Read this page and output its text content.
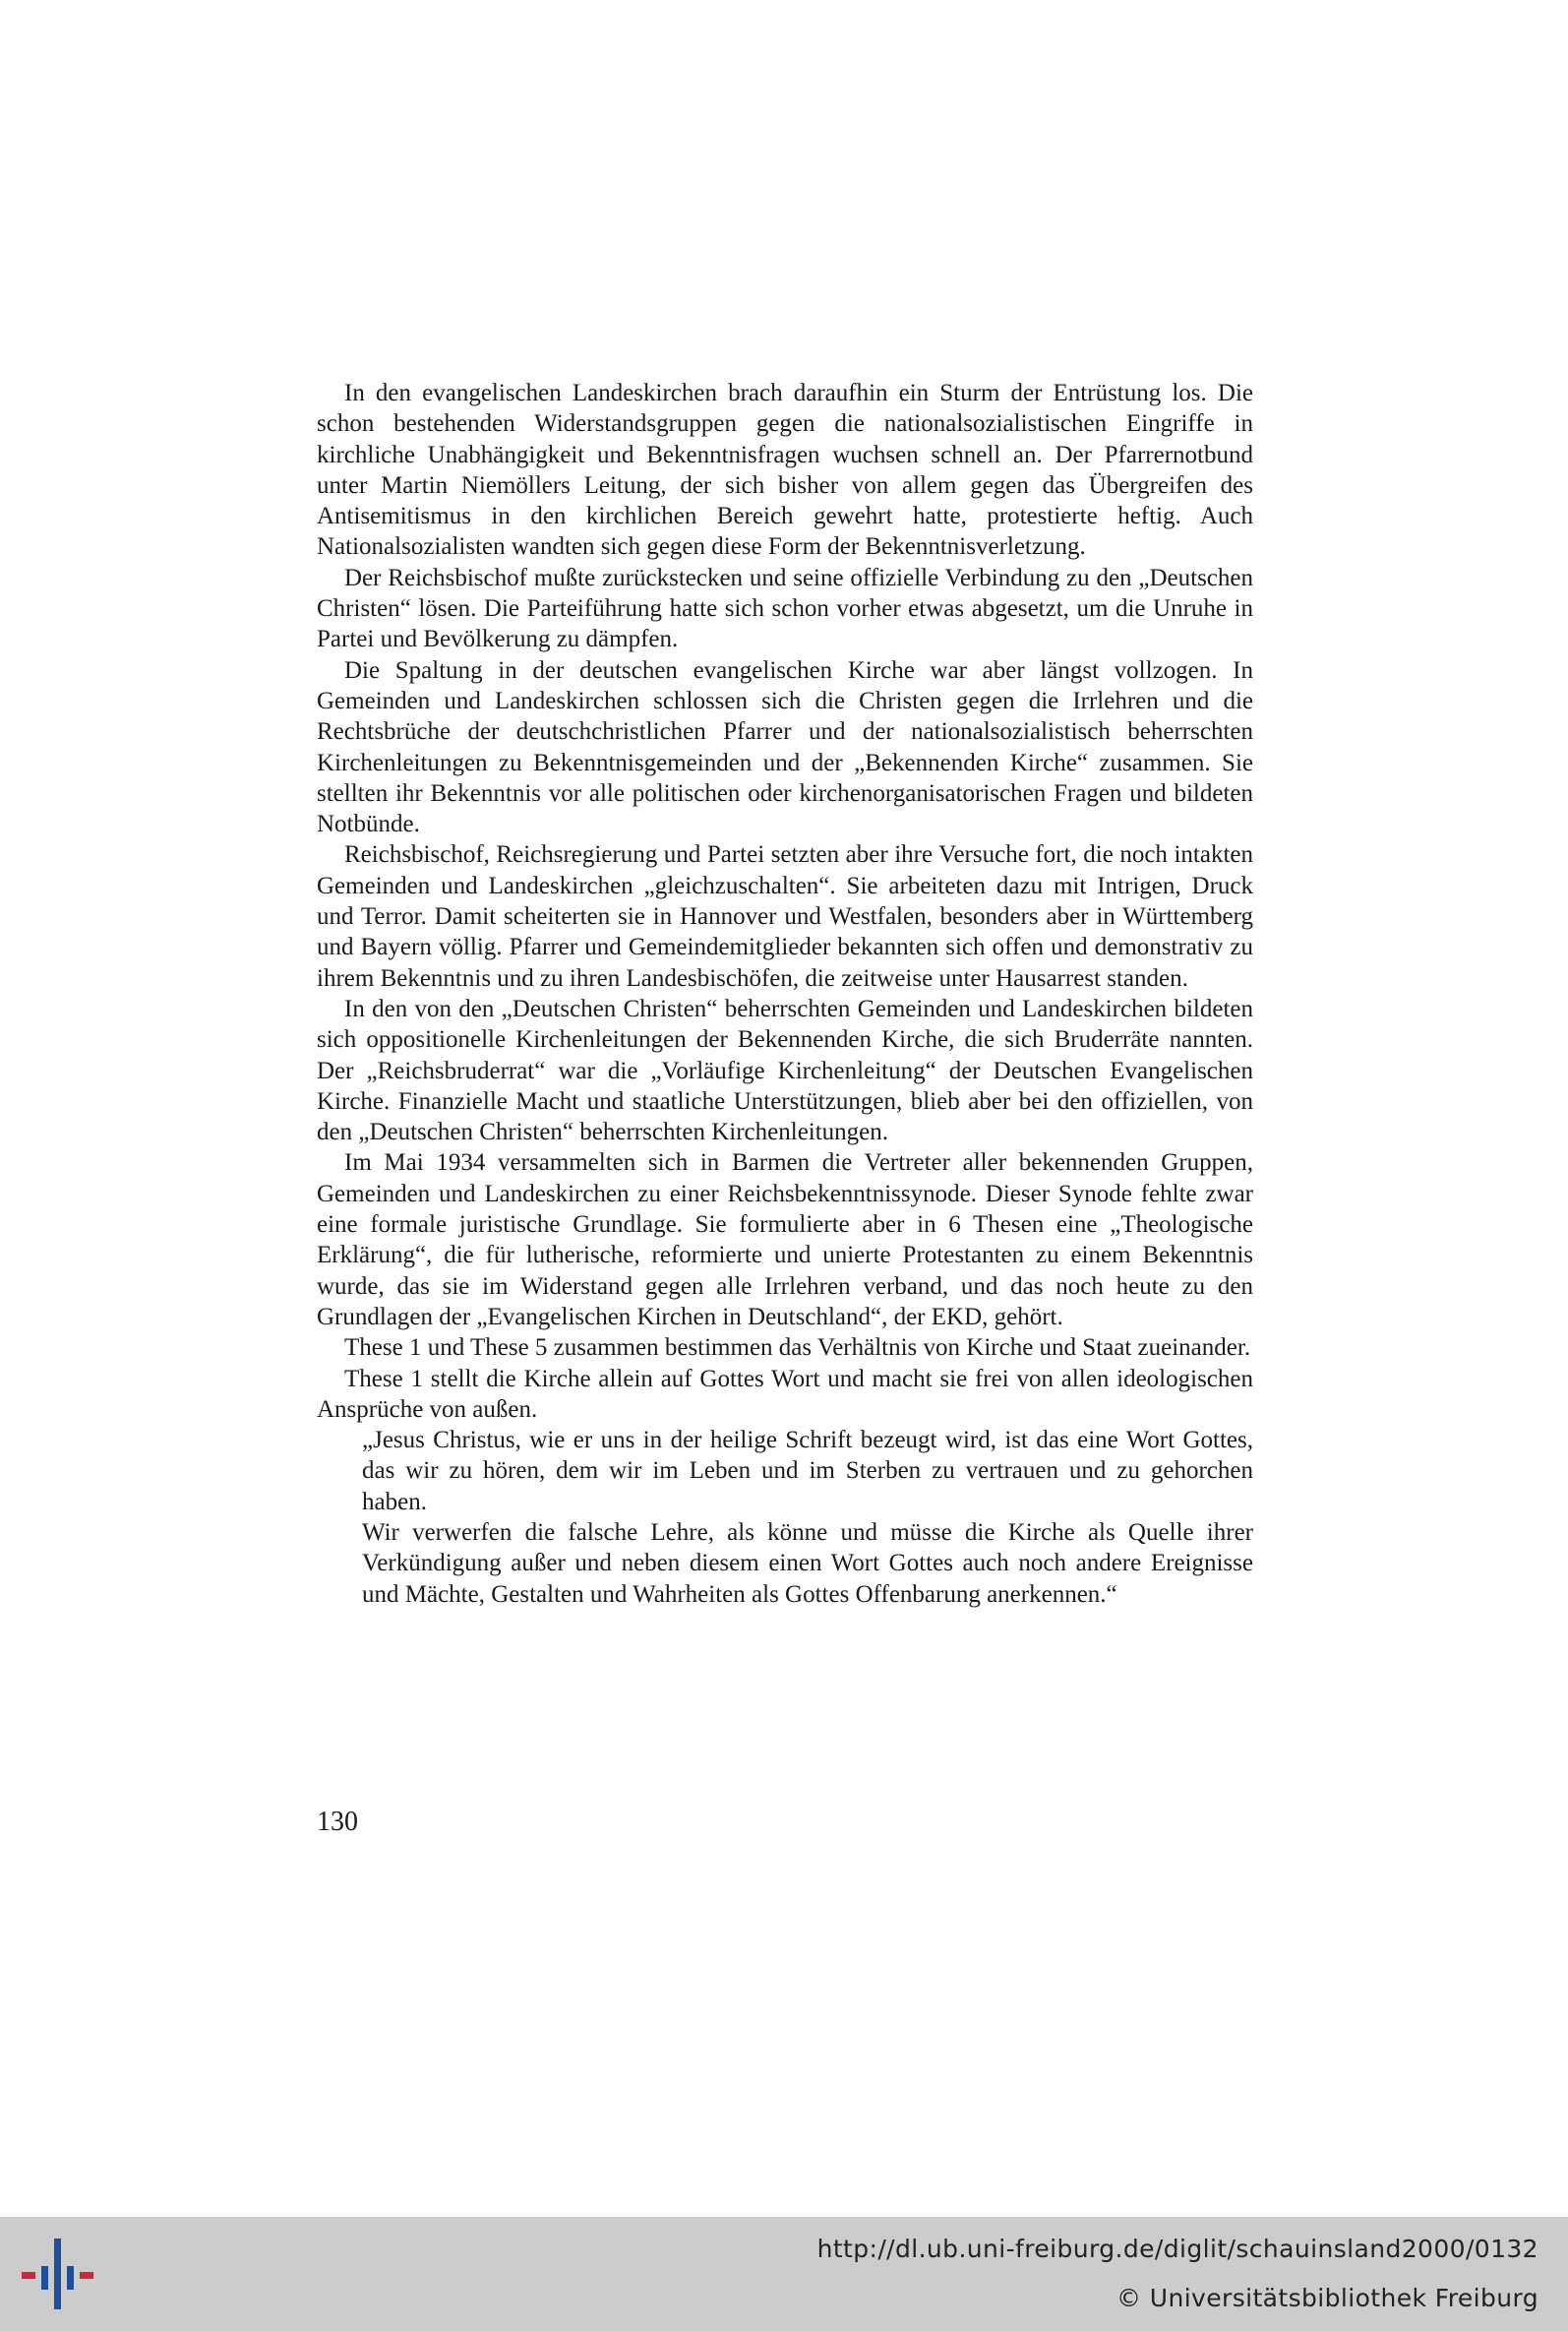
In den evangelischen Landeskirchen brach daraufhin ein Sturm der Entrüstung los. Die schon bestehenden Widerstandsgruppen gegen die nationalsozialistischen Eingriffe in kirchliche Unabhängigkeit und Bekenntnisfragen wuchsen schnell an. Der Pfarrernotbund unter Martin Niemöllers Leitung, der sich bisher von allem gegen das Übergreifen des Antisemitismus in den kirchlichen Bereich gewehrt hatte, protestierte heftig. Auch Nationalsozialisten wandten sich gegen diese Form der Bekenntnisverletzung.

Der Reichsbischof mußte zurückstecken und seine offizielle Verbindung zu den „Deutschen Christen“ lösen. Die Parteiführung hatte sich schon vorher etwas abgesetzt, um die Unruhe in Partei und Bevölkerung zu dämpfen.

Die Spaltung in der deutschen evangelischen Kirche war aber längst vollzogen. In Gemeinden und Landeskirchen schlossen sich die Christen gegen die Irrlehren und die Rechtsbrüche der deutschchristlichen Pfarrer und der nationalsozialistisch beherrschten Kirchenleitungen zu Bekenntnisgemeinden und der „Bekennenden Kirche“ zusammen. Sie stellten ihr Bekenntnis vor alle politischen oder kirchenorganisatorischen Fragen und bildeten Notbünde.

Reichsbischof, Reichsregierung und Partei setzten aber ihre Versuche fort, die noch intakten Gemeinden und Landeskirchen „gleichzuschalten“. Sie arbeiteten dazu mit Intrigen, Druck und Terror. Damit scheiterten sie in Hannover und Westfalen, besonders aber in Württemberg und Bayern völlig. Pfarrer und Gemeindemitglieder bekannten sich offen und demonstrativ zu ihrem Bekenntnis und zu ihren Landesbischöfen, die zeitweise unter Hausarrest standen.

In den von den „Deutschen Christen“ beherrschten Gemeinden und Landeskirchen bildeten sich oppositionelle Kirchenleitungen der Bekennenden Kirche, die sich Bruderräte nannten. Der „Reichsbruderrat“ war die „Vorläufige Kirchenleitung“ der Deutschen Evangelischen Kirche. Finanzielle Macht und staatliche Unterstützungen, blieb aber bei den offiziellen, von den „Deutschen Christen“ beherrschten Kirchenleitungen.

Im Mai 1934 versammelten sich in Barmen die Vertreter aller bekennenden Gruppen, Gemeinden und Landeskirchen zu einer Reichsbekenntnissynode. Dieser Synode fehlte zwar eine formale juristische Grundlage. Sie formulierte aber in 6 Thesen eine „Theologische Erklärung“, die für lutherische, reformierte und unierte Protestanten zu einem Bekenntnis wurde, das sie im Widerstand gegen alle Irrlehren verband, und das noch heute zu den Grundlagen der „Evangelischen Kirchen in Deutschland“, der EKD, gehört.

These 1 und These 5 zusammen bestimmen das Verhältnis von Kirche und Staat zueinander.

These 1 stellt die Kirche allein auf Gottes Wort und macht sie frei von allen ideologischen Ansprüche von außen.

„Jesus Christus, wie er uns in der heilige Schrift bezeugt wird, ist das eine Wort Gottes, das wir zu hören, dem wir im Leben und im Sterben zu vertrauen und zu gehorchen haben.

Wir verwerfen die falsche Lehre, als könne und müsse die Kirche als Quelle ihrer Verkündigung außer und neben diesem einen Wort Gottes auch noch andere Ereignisse und Mächte, Gestalten und Wahrheiten als Gottes Offenbarung anerkennen.“

130
http://dl.ub.uni-freiburg.de/diglit/schauinsland2000/0132
© Universitätsbibliothek Freiburg
